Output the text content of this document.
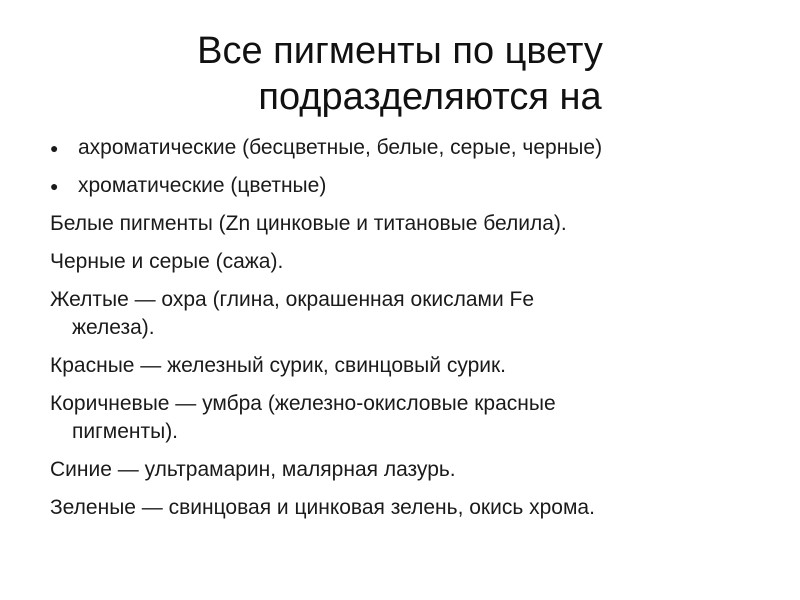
Все пигменты по цвету
подразделяются на
● ахроматические (бесцветные, белые, серые, черные)
● хроматические (цветные)
Белые пигменты (Zn цинковые и титановые белила).
Черные и серые (сажа).
Желтые — охра (глина, окрашенная окислами Fe
железа).
Красные — железный сурик, свинцовый сурик.
Коричневые — умбра (железно-окисловые красные
пигменты).
Синие — ультрамарин, малярная лазурь.
Зеленые — свинцовая и цинковая зелень, окись хрома.
